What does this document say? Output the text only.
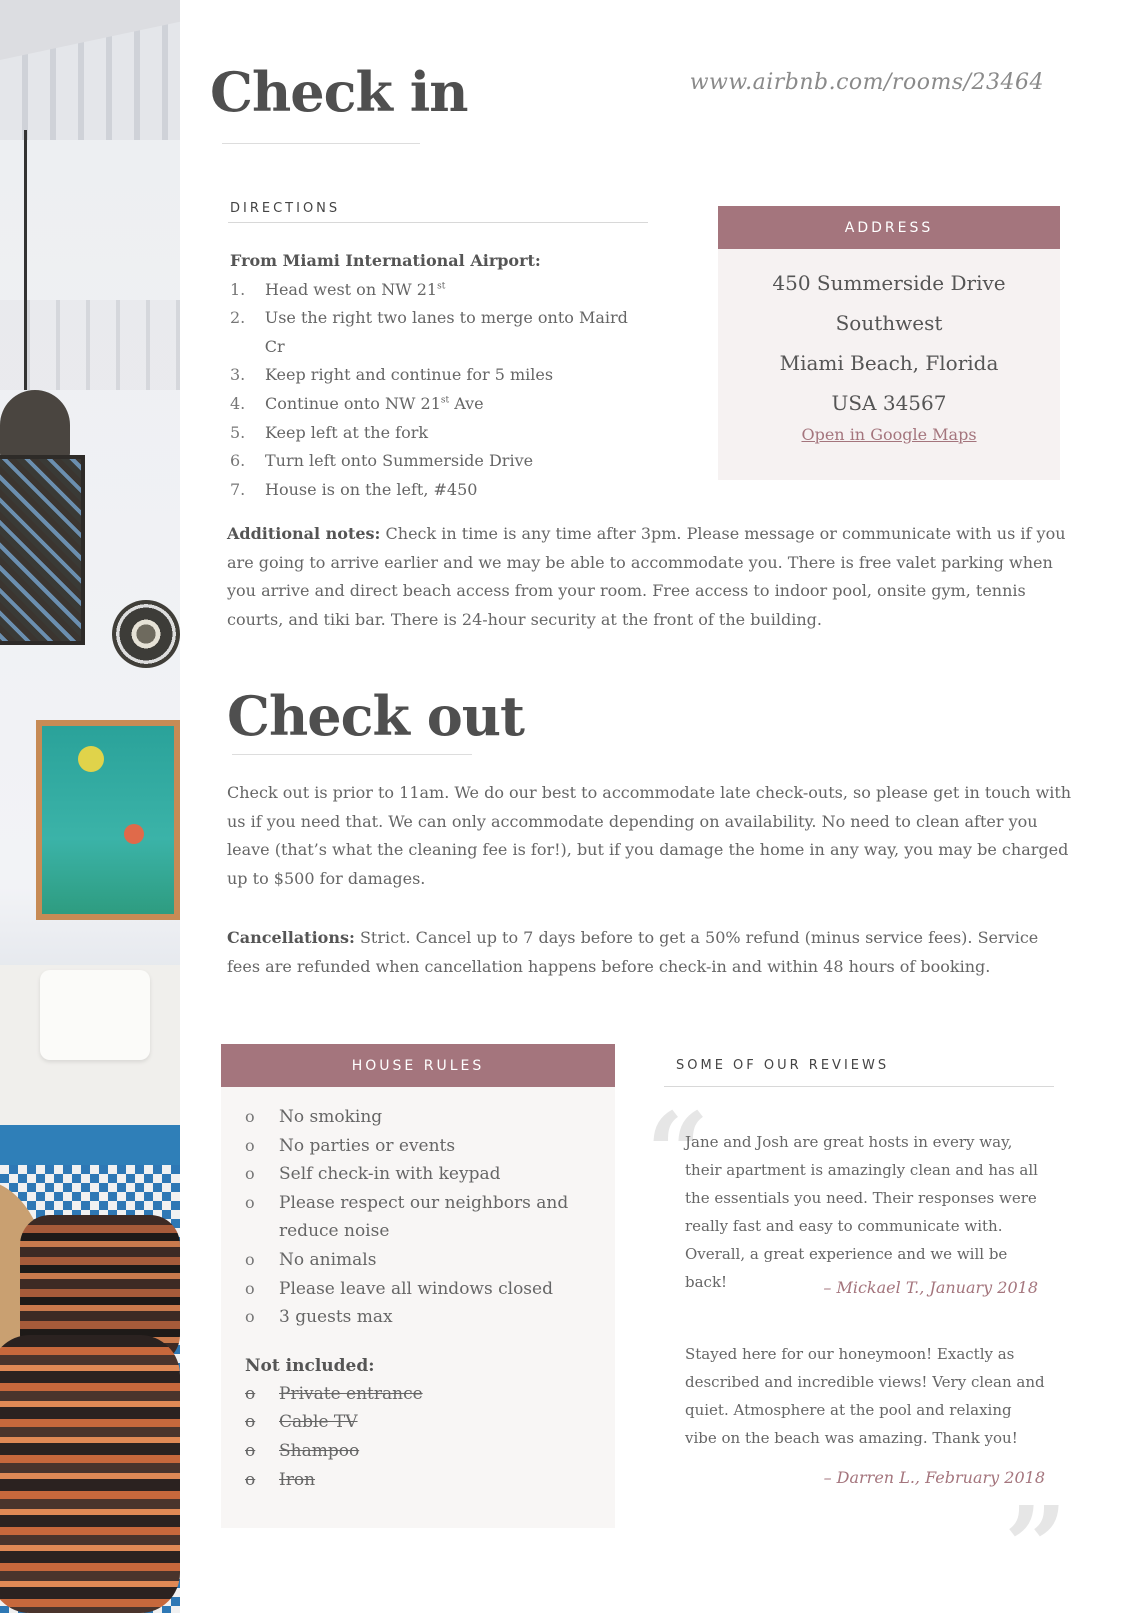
Check in	www.airbnb.com/rooms/23464
DIRECTIONS
From Miami International Airport:
1.	Head west on NW 21st
2.	Use the right two lanes to merge onto Maird Cr
3.	Keep right and continue for 5 miles
4.	Continue onto NW 21st Ave
5.	Keep left at the fork
6.	Turn left onto Summerside Drive
7.	House is on the left, #450
ADDRESS
450 Summerside Drive
Southwest
Miami Beach, Florida
USA 34567
Open in Google Maps
Additional notes: Check in time is any time after 3pm. Please message or communicate with us if you are going to arrive earlier and we may be able to accommodate you. There is free valet parking when you arrive and direct beach access from your room. Free access to indoor pool, onsite gym, tennis courts, and tiki bar. There is 24-hour security at the front of the building.
Check out
Check out is prior to 11am. We do our best to accommodate late check-outs, so please get in touch with us if you need that. We can only accommodate depending on availability. No need to clean after you leave (that’s what the cleaning fee is for!), but if you damage the home in any way, you may be charged up to $500 for damages.
Cancellations: Strict. Cancel up to 7 days before to get a 50% refund (minus service fees). Service fees are refunded when cancellation happens before check-in and within 48 hours of booking.
HOUSE RULES
o	No smoking
o	No parties or events
o	Self check-in with keypad
o	Please respect our neighbors and reduce noise
o	No animals
o	Please leave all windows closed
o	3 guests max
Not included:
o	Private entrance
o	Cable TV
o	Shampoo
o	Iron
SOME OF OUR REVIEWS
“
Jane and Josh are great hosts in every way, their apartment is amazingly clean and has all the essentials you need. Their responses were really fast and easy to communicate with. Overall, a great experience and we will be back!	– Mickael T., January 2018
Stayed here for our honeymoon! Exactly as described and incredible views! Very clean and quiet. Atmosphere at the pool and relaxing vibe on the beach was amazing. Thank you!
– Darren L., February 2018
”
